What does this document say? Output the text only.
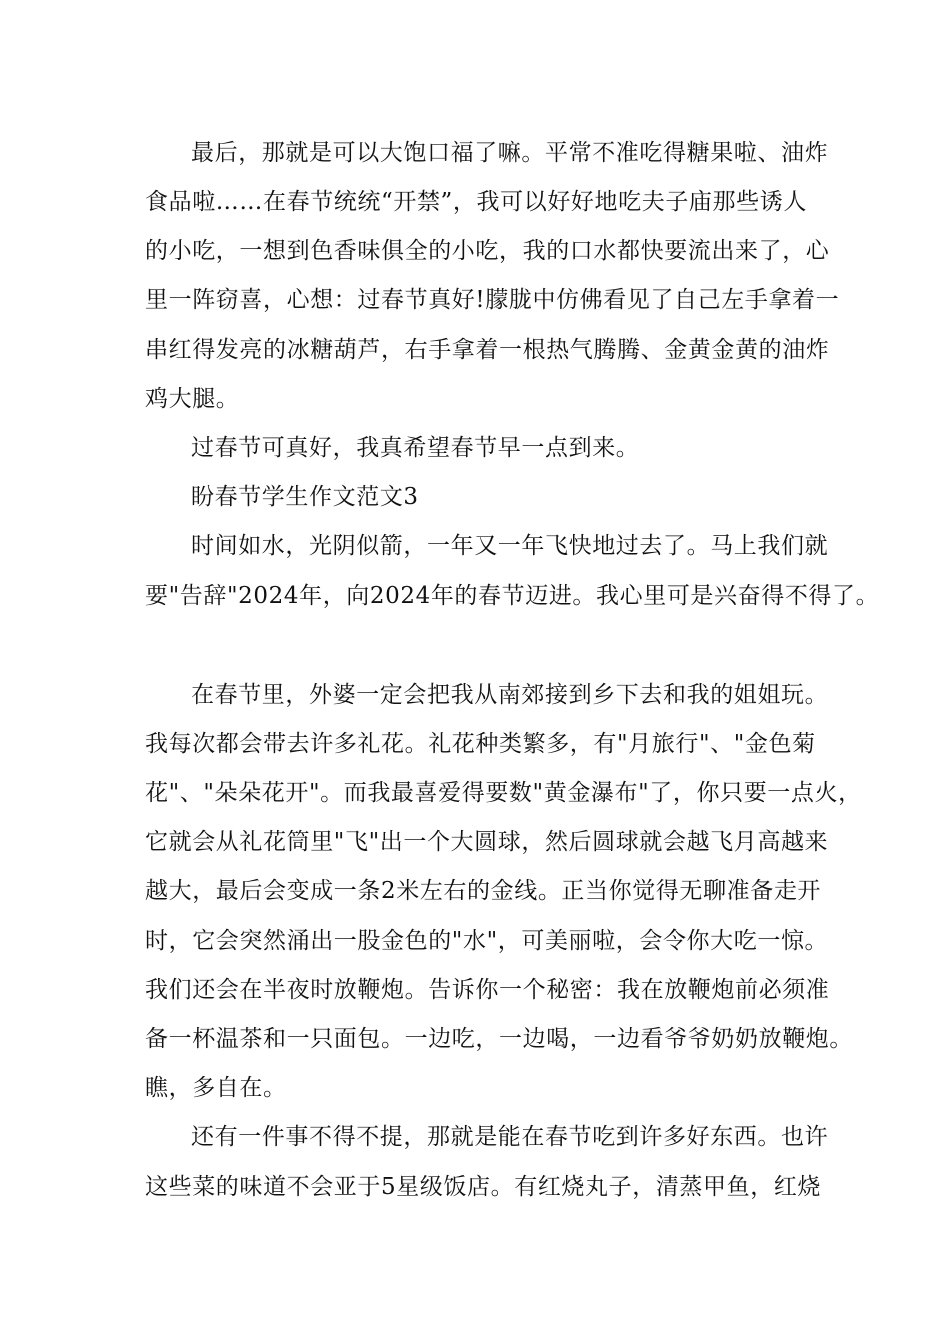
最后，那就是可以大饱口福了嘛。平常不准吃得糖果啦、油炸
食品啦……在春节统统“开禁”，我可以好好地吃夫子庙那些诱人
的小吃，一想到色香味俱全的小吃，我的口水都快要流出来了，心
里一阵窃喜，心想：过春节真好!朦胧中仿佛看见了自己左手拿着一
串红得发亮的冰糖葫芦，右手拿着一根热气腾腾、金黄金黄的油炸
鸡大腿。
过春节可真好，我真希望春节早一点到来。
盼春节学生作文范文3
时间如水，光阴似箭，一年又一年飞快地过去了。马上我们就
要"告辞"2024年，向2024年的春节迈进。我心里可是兴奋得不得了。
在春节里，外婆一定会把我从南郊接到乡下去和我的姐姐玩。
我每次都会带去许多礼花。礼花种类繁多，有"月旅行"、"金色菊
花"、"朵朵花开"。而我最喜爱得要数"黄金瀑布"了，你只要一点火，
它就会从礼花筒里"飞"出一个大圆球，然后圆球就会越飞月高越来
越大，最后会变成一条2米左右的金线。正当你觉得无聊准备走开
时，它会突然涌出一股金色的"水"，可美丽啦，会令你大吃一惊。
我们还会在半夜时放鞭炮。告诉你一个秘密：我在放鞭炮前必须准
备一杯温茶和一只面包。一边吃，一边喝，一边看爷爷奶奶放鞭炮。
瞧，多自在。
还有一件事不得不提，那就是能在春节吃到许多好东西。也许
这些菜的味道不会亚于5星级饭店。有红烧丸子，清蒸甲鱼，红烧
